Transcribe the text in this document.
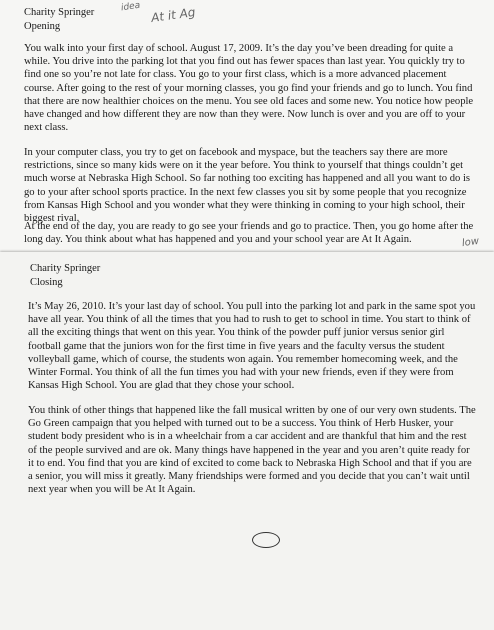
Charity Springer
Opening
idea At it Ag

You walk into your first day of school. August 17, 2009. It’s the day you’ve been dreading for quite a while. You drive into the parking lot that you find out has fewer spaces than last year. You quickly try to find one so you’re not late for class. You go to your first class, which is a more advanced placement course. After going to the rest of your morning classes, you go find your friends and go to lunch. You find that there are now healthier choices on the menu. You see old faces and some new. You notice how people have changed and how different they are now than they were. Now lunch is over and you are off to your next class.

In your computer class, you try to get on facebook and myspace, but the teachers say there are more restrictions, since so many kids were on it the year before. You think to yourself that things couldn’t get much worse at Nebraska High School. So far nothing too exciting has happened and all you want to do is go to your after school sports practice. In the next few classes you sit by some people that you recognize from Kansas High School and you wonder what they were thinking in coming to your high school, their biggest rival.

At the end of the day, you are ready to go see your friends and go to practice. Then, you go home after the long day. You think about what has happened and you and your school year are At It Again.	low
Charity Springer
Closing

It’s May 26, 2010. It’s your last day of school. You pull into the parking lot and park in the same spot you have all year. You think of all the times that you had to rush to get to school in time. You start to think of all the exciting things that went on this year. You think of the powder puff junior versus senior girl football game that the juniors won for the first time in five years and the faculty versus the student volleyball game, which of course, the students won again. You remember homecoming week, and the Winter Formal. You think of all the fun times you had with your new friends, even if they were from Kansas High School. You are glad that they chose your school.

You think of other things that happened like the fall musical written by one of our very own students. The Go Green campaign that you helped with turned out to be a success. You think of Herb Husker, your student body president who is in a wheelchair from a car accident and are thankful that him and the rest of the people survived and are ok. Many things have happened in the year and you aren’t quite ready for it to end. You find that you are kind of excited to come back to Nebraska High School and that if you are a senior, you will miss it greatly. Many friendships were formed and you decide that you can’t wait until next year when you will be At It Again.
